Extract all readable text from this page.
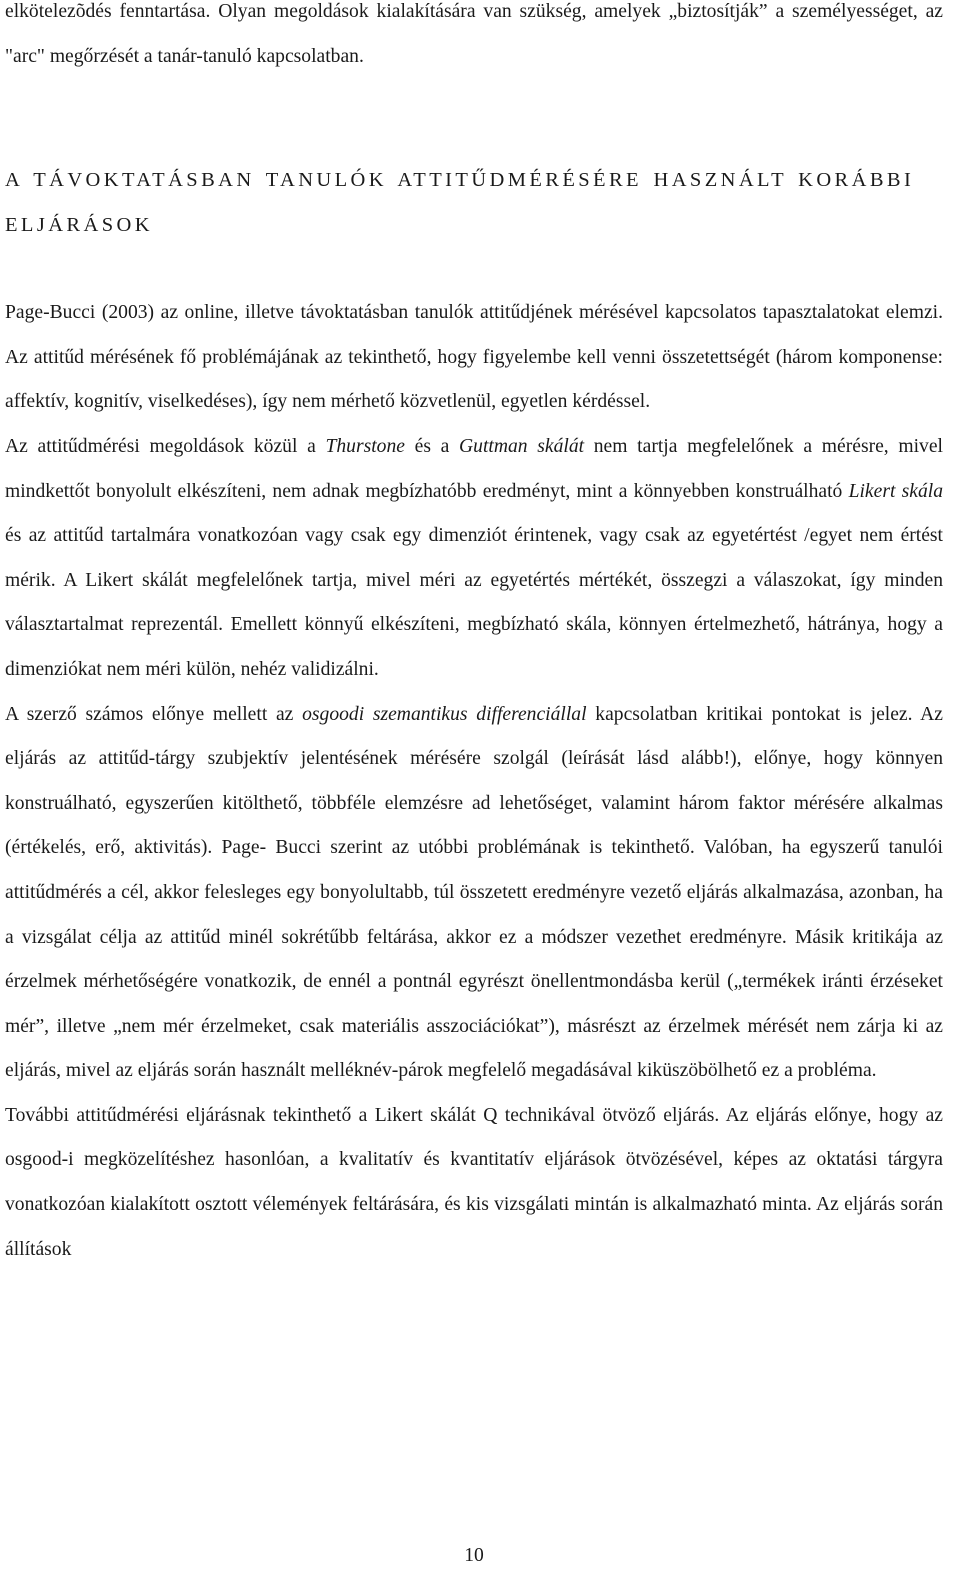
elkötelezõdés fenntartása. Olyan megoldások kialakítására van szükség, amelyek „biztosítják” a személyességet, az "arc" megőrzését a tanár-tanuló kapcsolatban.

A TÁVOKTATÁSBAN TANULÓK ATTITŰDMÉRÉSÉRE HASZNÁLT KORÁBBI ELJÁRÁSOK

Page-Bucci (2003) az online, illetve távoktatásban tanulók attitűdjének mérésével kapcsolatos tapasztalatokat elemzi. Az attitűd mérésének fő problémájának az tekinthető, hogy figyelembe kell venni összetettségét (három komponense: affektív, kognitív, viselkedéses), így nem mérhető közvetlenül, egyetlen kérdéssel.

Az attitűdmérési megoldások közül a Thurstone és a Guttman skálát nem tartja megfelelőnek a mérésre, mivel mindkettőt bonyolult elkészíteni, nem adnak megbízhatóbb eredményt, mint a könnyebben konstruálható Likert skála és az attitűd tartalmára vonatkozóan vagy csak egy dimenziót érintenek, vagy csak az egyetértést /egyet nem értést mérik. A Likert skálát megfelelőnek tartja, mivel méri az egyetértés mértékét, összegzi a válaszokat, így minden választartalmat reprezentál. Emellett könnyű elkészíteni, megbízható skála, könnyen értelmezhető, hátránya, hogy a dimenziókat nem méri külön, nehéz validizálni.

A szerző számos előnye mellett az osgoodi szemantikus differenciállal kapcsolatban kritikai pontokat is jelez. Az eljárás az attitűd-tárgy szubjektív jelentésének mérésére szolgál (leírását lásd alább!), előnye, hogy könnyen konstruálható, egyszerűen kitölthető, többféle elemzésre ad lehetőséget, valamint három faktor mérésére alkalmas (értékelés, erő, aktivitás). Page- Bucci szerint az utóbbi problémának is tekinthető. Valóban, ha egyszerű tanulói attitűdmérés a cél, akkor felesleges egy bonyolultabb, túl összetett eredményre vezető eljárás alkalmazása, azonban, ha a vizsgálat célja az attitűd minél sokrétűbb feltárása, akkor ez a módszer vezethet eredményre. Másik kritikája az érzelmek mérhetőségére vonatkozik, de ennél a pontnál egyrészt önellentmondásba kerül („termékek iránti érzéseket mér”, illetve „nem mér érzelmeket, csak materiális asszociációkat”), másrészt az érzelmek mérését nem zárja ki az eljárás, mivel az eljárás során használt melléknév-párok megfelelő megadásával kiküszöbölhető ez a probléma.

További attitűdmérési eljárásnak tekinthető a Likert skálát Q technikával ötvöző eljárás. Az eljárás előnye, hogy az osgood-i megközelítéshez hasonlóan, a kvalitatív és kvantitatív eljárások ötvözésével, képes az oktatási tárgyra vonatkozóan kialakított osztott vélemények feltárására, és kis vizsgálati mintán is alkalmazható minta. Az eljárás során állítások

10
